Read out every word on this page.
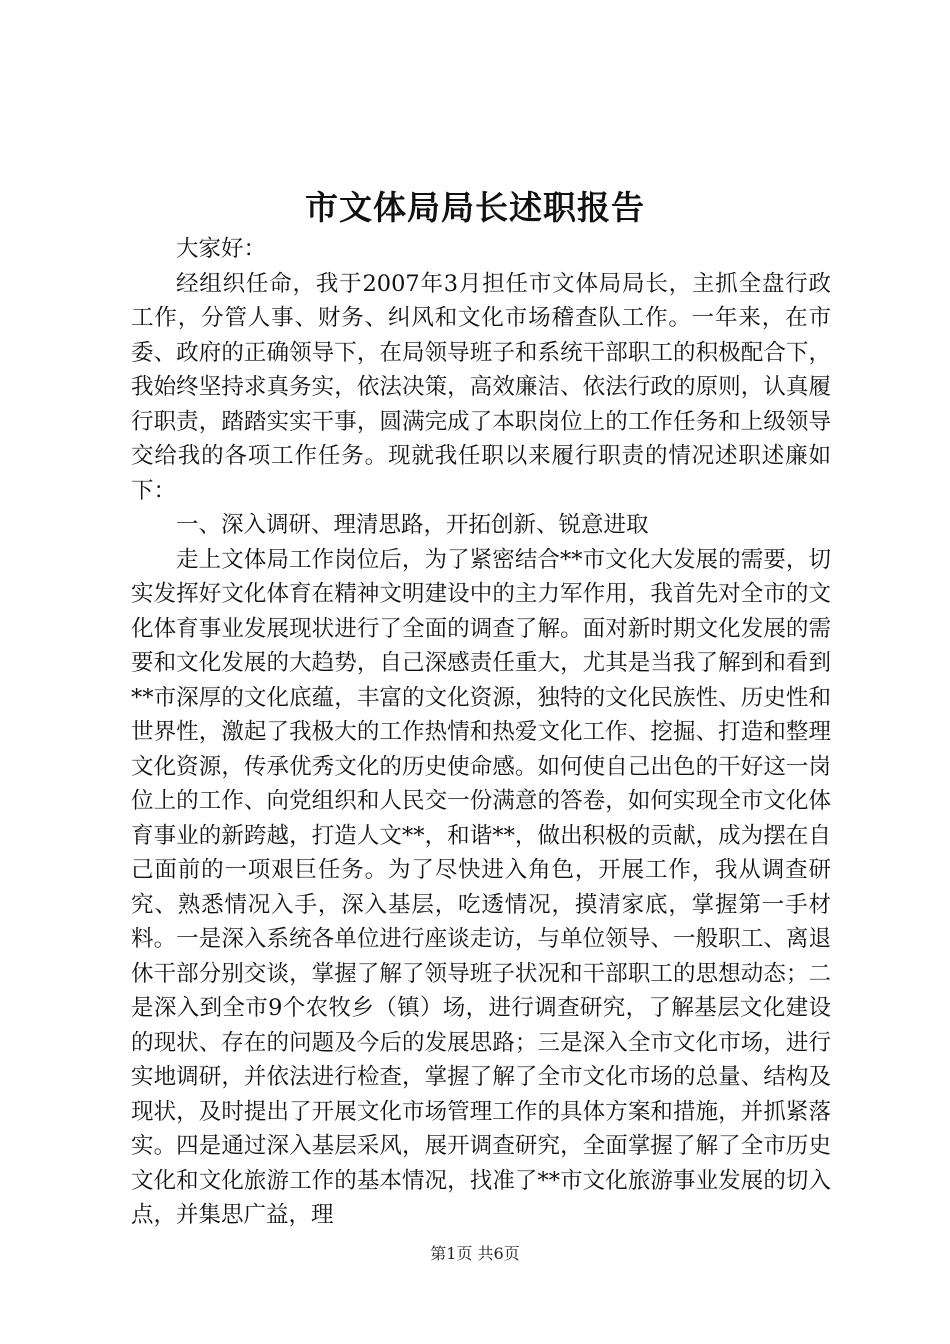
市文体局局长述职报告

大家好：

经组织任命，我于2007年3月担任市文体局局长，主抓全盘行政工作，分管人事、财务、纠风和文化市场稽查队工作。一年来，在市委、政府的正确领导下，在局领导班子和系统干部职工的积极配合下，我始终坚持求真务实，依法决策，高效廉洁、依法行政的原则，认真履行职责，踏踏实实干事，圆满完成了本职岗位上的工作任务和上级领导交给我的各项工作任务。现就我任职以来履行职责的情况述职述廉如下：

一、深入调研、理清思路，开拓创新、锐意进取

走上文体局工作岗位后，为了紧密结合**市文化大发展的需要，切实发挥好文化体育在精神文明建设中的主力军作用，我首先对全市的文化体育事业发展现状进行了全面的调查了解。面对新时期文化发展的需要和文化发展的大趋势，自己深感责任重大，尤其是当我了解到和看到**市深厚的文化底蕴，丰富的文化资源，独特的文化民族性、历史性和世界性，激起了我极大的工作热情和热爱文化工作、挖掘、打造和整理文化资源，传承优秀文化的历史使命感。如何使自己出色的干好这一岗位上的工作、向党组织和人民交一份满意的答卷，如何实现全市文化体育事业的新跨越，打造人文**，和谐**，做出积极的贡献，成为摆在自己面前的一项艰巨任务。为了尽快进入角色，开展工作，我从调查研究、熟悉情况入手，深入基层，吃透情况，摸清家底，掌握第一手材料。一是深入系统各单位进行座谈走访，与单位领导、一般职工、离退休干部分别交谈，掌握了解了领导班子状况和干部职工的思想动态；二是深入到全市9个农牧乡（镇）场，进行调查研究，了解基层文化建设的现状、存在的问题及今后的发展思路；三是深入全市文化市场，进行实地调研，并依法进行检查，掌握了解了全市文化市场的总量、结构及现状，及时提出了开展文化市场管理工作的具体方案和措施，并抓紧落实。四是通过深入基层采风，展开调查研究，全面掌握了解了全市历史文化和文化旅游工作的基本情况，找准了**市文化旅游事业发展的切入点，并集思广益，理

第1页 共6页
